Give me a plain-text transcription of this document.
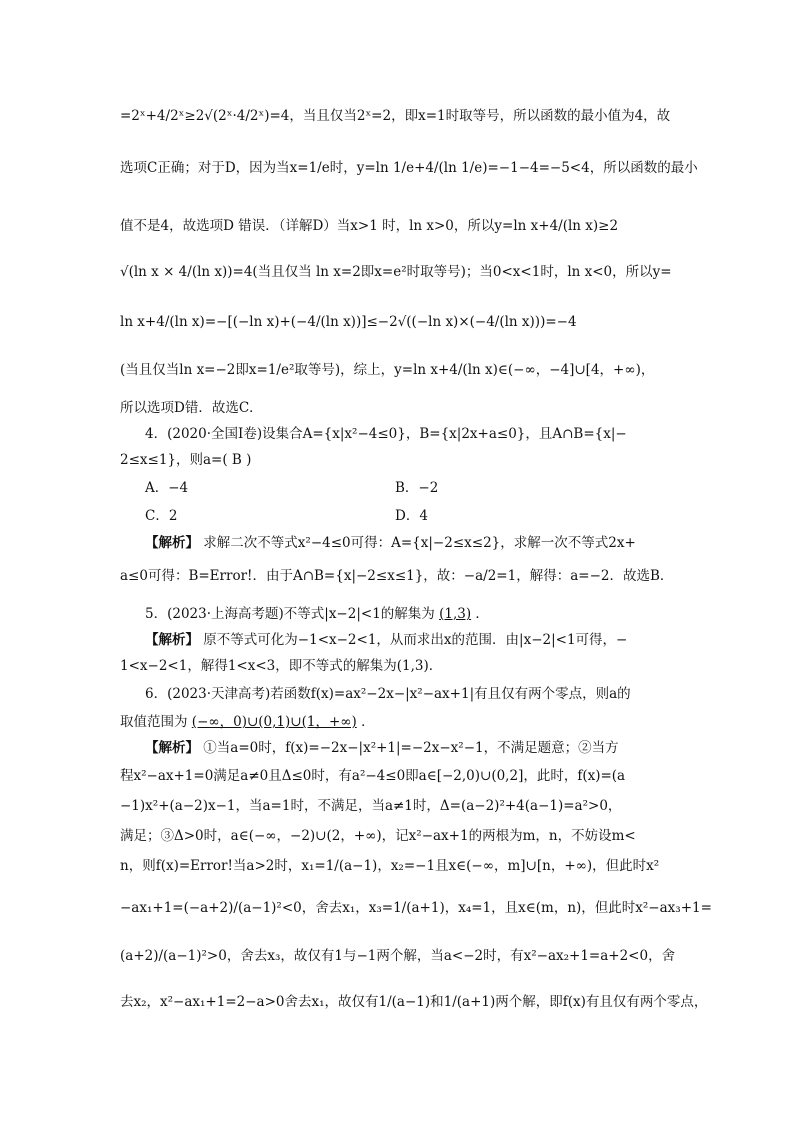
=2ˣ+4/2ˣ≥2√(2ˣ·4/2ˣ)=4，当且仅当2ˣ=2，即x=1时取等号，所以函数的最小值为4，故
选项C正确；对于D，因为当x=1/e时，y=ln 1/e+4/(ln 1/e)=−1−4=−5<4，所以函数的最小
值不是4，故选项D 错误．（详解D）当x>1 时，ln x>0，所以y=ln x+4/(ln x)≥2
√(ln x × 4/(ln x))=4(当且仅当 ln x=2即x=e²时取等号)；当0<x<1时，ln x<0，所以y=
ln x+4/(ln x)=−[(−ln x)+(−4/(ln x))]≤−2√((−ln x)×(−4/(ln x)))=−4
(当且仅当ln x=−2即x=1/e²取等号)，综上，y=ln x+4/(ln x)∈(−∞，−4]∪[4，+∞)，
所以选项D错．故选C．
4．(2020·全国Ⅰ卷)设集合A={x|x²−4≤0}，B={x|2x+a≤0}，且A∩B={x|−
2≤x≤1}，则a=( B )
A．−4	B．−2
C．2	D．4
【解析】 求解二次不等式x²−4≤0可得：A={x|−2≤x≤2}，求解一次不等式2x+
a≤0可得：B=Error!．由于A∩B={x|−2≤x≤1}，故：−a/2=1，解得：a=−2．故选B．
5．(2023·上海高考题)不等式|x−2|<1的解集为 (1,3) ．
【解析】 原不等式可化为−1<x−2<1，从而求出x的范围．由|x−2|<1可得，−
1<x−2<1，解得1<x<3，即不等式的解集为(1,3)．
6．(2023·天津高考)若函数f(x)=ax²−2x−|x²−ax+1|有且仅有两个零点，则a的
取值范围为 (−∞，0)∪(0,1)∪(1，+∞) ．
【解析】 ①当a=0时，f(x)=−2x−|x²+1|=−2x−x²−1，不满足题意；②当方
程x²−ax+1=0满足a≠0且Δ≤0时，有a²−4≤0即a∈[−2,0)∪(0,2]，此时，f(x)=(a
−1)x²+(a−2)x−1，当a=1时，不满足，当a≠1时，Δ=(a−2)²+4(a−1)=a²>0，
满足；③Δ>0时，a∈(−∞，−2)∪(2，+∞)，记x²−ax+1的两根为m，n，不妨设m<
n，则f(x)=Error!当a>2时，x₁=1/(a−1)，x₂=−1且x∈(−∞，m]∪[n，+∞)，但此时x²
−ax₁+1=(−a+2)/(a−1)²<0，舍去x₁，x₃=1/(a+1)，x₄=1，且x∈(m，n)，但此时x²−ax₃+1=
(a+2)/(a−1)²>0，舍去x₃，故仅有1与−1两个解，当a<−2时，有x²−ax₂+1=a+2<0，舍
去x₂，x²−ax₁+1=2−a>0舍去x₁，故仅有1/(a−1)和1/(a+1)两个解，即f(x)有且仅有两个零点，
